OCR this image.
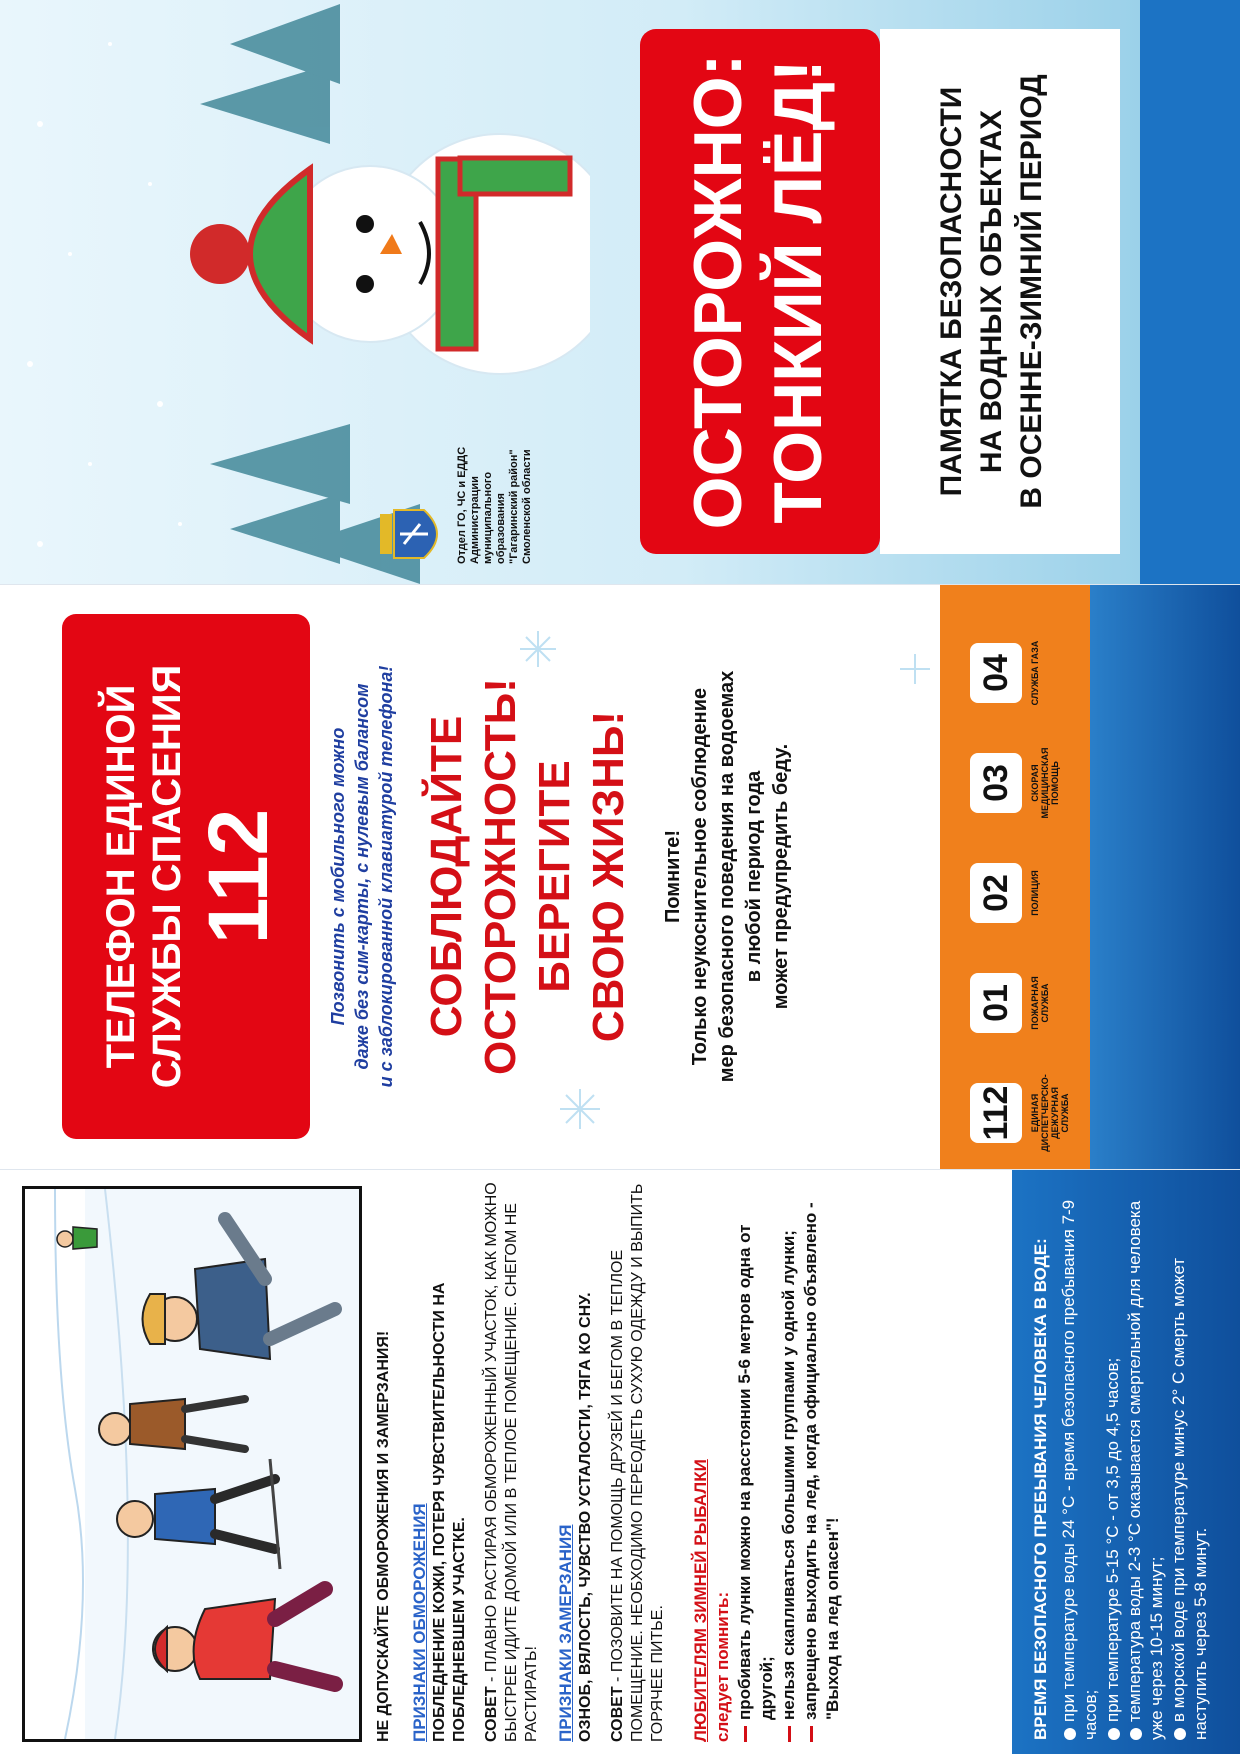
НЕ ДОПУСКАЙТЕ ОБМОРОЖЕНИЯ И ЗАМЕРЗАНИЯ! ПРИЗНАКИ ОБМОРОЖЕНИЯ ПОБЛЕДНЕНИЕ КОЖИ, ПОТЕРЯ ЧУВСТВИТЕЛЬНОСТИ НА ПОБЛЕДНЕВШЕМ УЧАСТКЕ. СОВЕТ - ПЛАВНО РАСТИРАЯ ОБМОРОЖЕННЫЙ УЧАСТОК, КАК МОЖНО БЫСТРЕЕ ИДИТЕ ДОМОЙ ИЛИ В ТЕПЛОЕ ПОМЕЩЕНИЕ. СНЕГОМ НЕ РАСТИРАТЬ! ПРИЗНАКИ ЗАМЕРЗАНИЯ ОЗНОБ, ВЯЛОСТЬ, ЧУВСТВО УСТАЛОСТИ, ТЯГА КО СНУ. СОВЕТ - ПОЗОВИТЕ НА ПОМОЩЬ ДРУЗЕЙ И БЕГОМ В ТЕПЛОЕ ПОМЕЩЕНИЕ. НЕОБХОДИМО ПЕРЕОДЕТЬ СУХУЮ ОДЕЖДУ И ВЫПИТЬ ГОРЯЧЕЕ ПИТЬЕ. ЛЮБИТЕЛЯМ ЗИМНЕЙ РЫБАЛКИ следует помнить: пробивать лунки можно на расстоянии 5-6 метров одна от другой; нельзя скапливаться большими группами у одной лунки; запрещено выходить на лед, когда официально объявлено - "Выход на лед опасен"!	ВРЕМЯ БЕЗОПАСНОГО ПРЕБЫВАНИЯ ЧЕЛОВЕКА В ВОДЕ: при температуре воды 24 °С - время безопасного пребывания 7-9 часов; при температуре 5-15 °С - от 3,5 до 4,5 часов; температура воды 2-3 °С оказывается смертельной для человека уже через 10-15 минут; в морской воде при температуре минус 2° С смерть может наступить через 5-8 минут.
ТЕЛЕФОН ЕДИНОЙ СЛУЖБЫ СПАСЕНИЯ 112 Позвонить с мобильного можно даже без сим-карты, с нулевым балансом и с заблокированной клавиатурой телефона! СОБЛЮДАЙТЕ ОСТОРОЖНОСТЬ! БЕРЕГИТЕ СВОЮ ЖИЗНЬ! Помните! Только неукоснительное соблюдение мер безопасного поведения на водоемах в любой период года может предупредить беду.
112	ЕДИНАЯ ДИСПЕТЧЕРСКО-ДЕЖУРНАЯ СЛУЖБА
01	ПОЖАРНАЯ СЛУЖБА
02	ПОЛИЦИЯ
03	СКОРАЯ МЕДИЦИНСКАЯ ПОМОЩЬ
04	СЛУЖБА ГАЗА
Отдел ГО, ЧС и ЕДДС Администрации муниципального образования "Гагаринский район" Смоленской области ОСТОРОЖНО: ТОНКИЙ ЛЁД!	ПАМЯТКА БЕЗОПАСНОСТИ НА ВОДНЫХ ОБЪЕКТАХ В ОСЕННЕ-ЗИМНИЙ ПЕРИОД
